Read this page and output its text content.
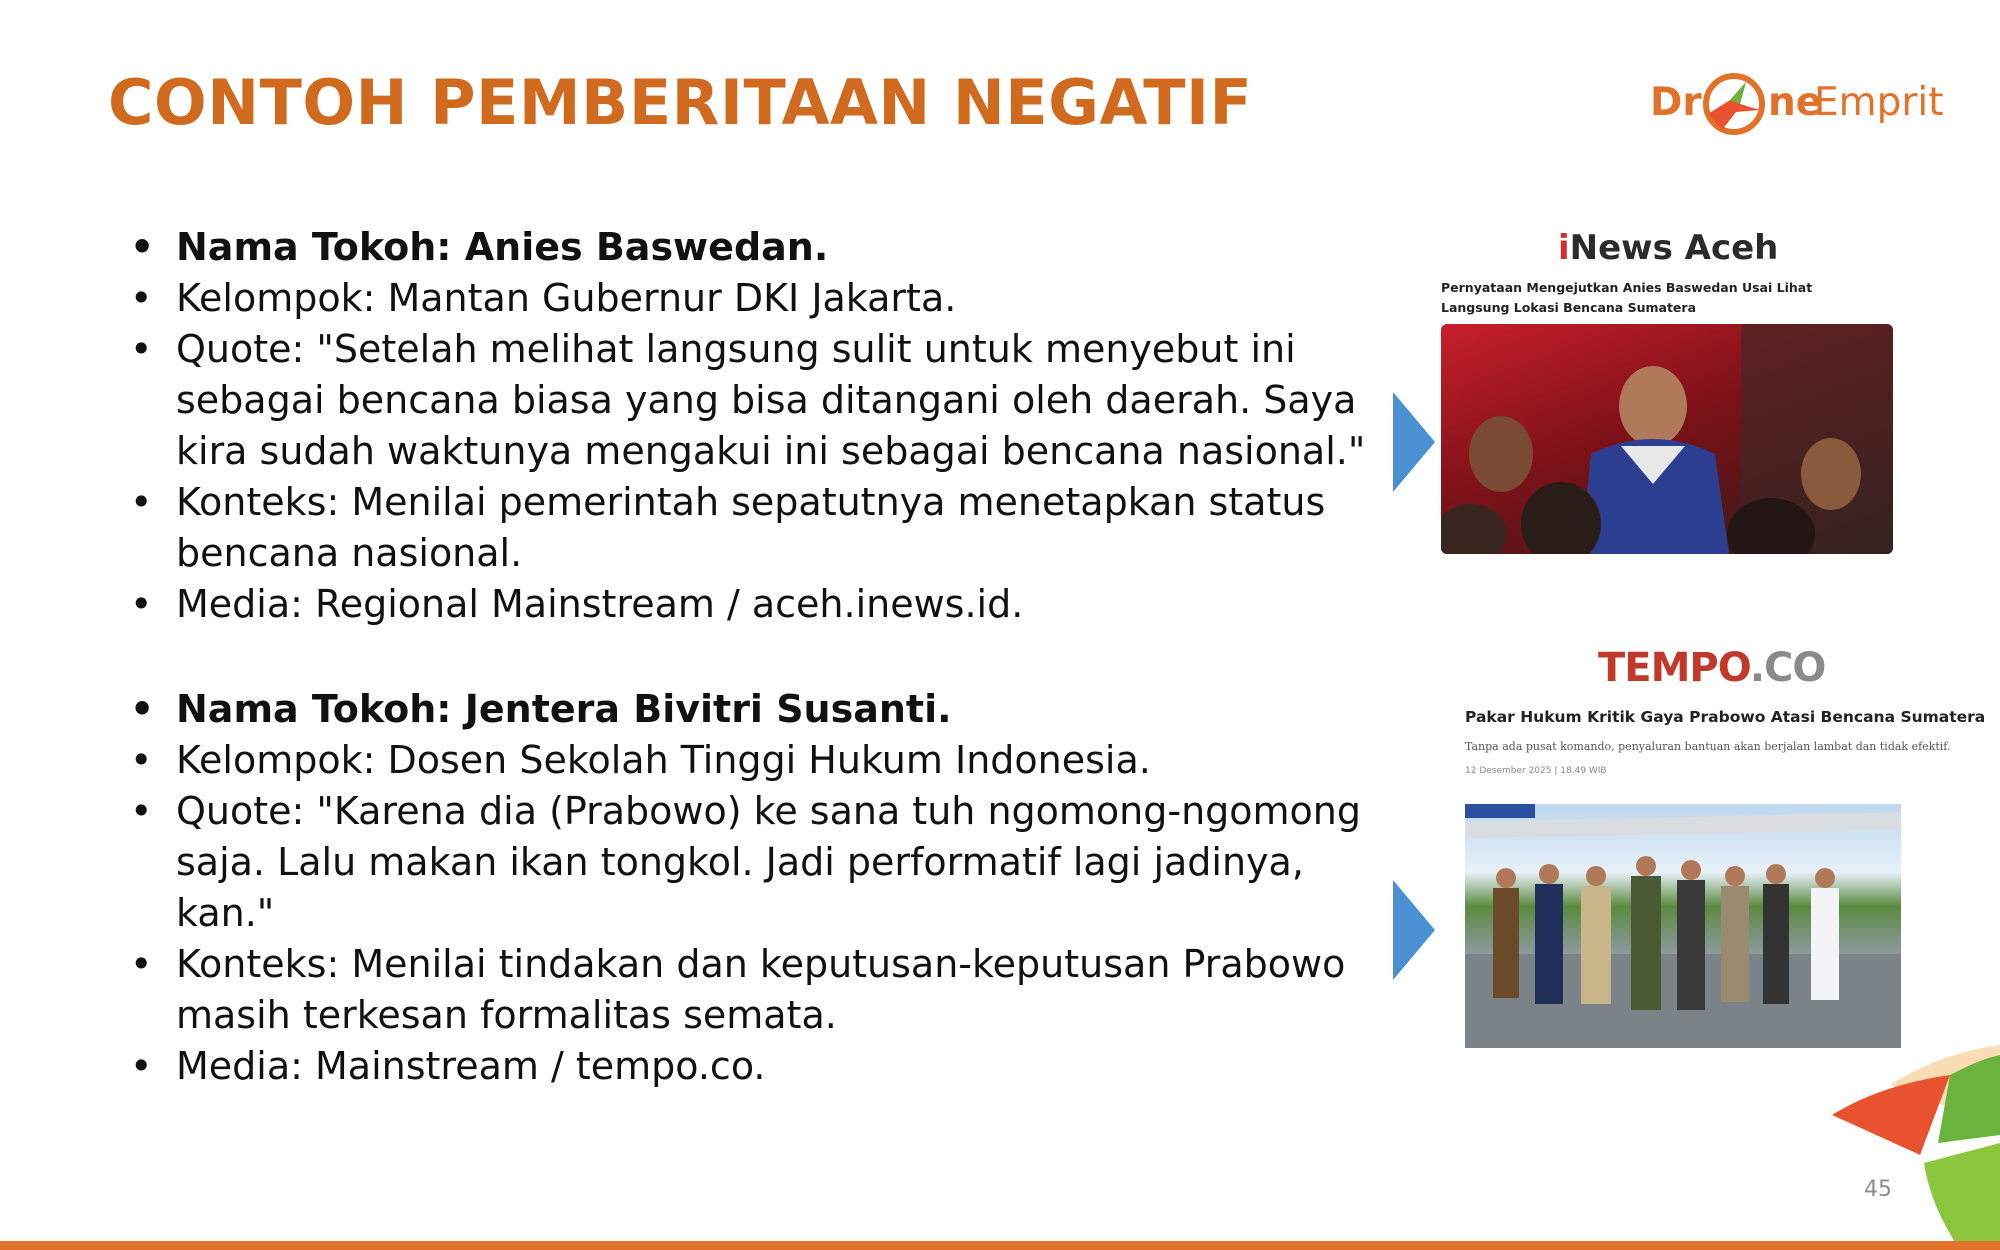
CONTOH PEMBERITAAN NEGATIF	Dr ne
Emprit
• Nama Tokoh: Anies Baswedan.
• Kelompok: Mantan Gubernur DKI Jakarta.
• Quote: "Setelah melihat langsung sulit untuk menyebut ini sebagai bencana biasa yang bisa ditangani oleh daerah. Saya kira sudah waktunya mengakui ini sebagai bencana nasional."
• Konteks: Menilai pemerintah sepatutnya menetapkan status bencana nasional.
• Media: Regional Mainstream / aceh.inews.id.
• Nama Tokoh: Jentera Bivitri Susanti.
• Kelompok: Dosen Sekolah Tinggi Hukum Indonesia.
• Quote: "Karena dia (Prabowo) ke sana tuh ngomong-ngomong saja. Lalu makan ikan tongkol. Jadi performatif lagi jadinya, kan."
• Konteks: Menilai tindakan dan keputusan-keputusan Prabowo masih terkesan formalitas semata.
• Media: Mainstream / tempo.co.
iNews Aceh
Pernyataan Mengejutkan Anies Baswedan Usai Lihat Langsung Lokasi Bencana Sumatera
TEMPO.CO
Pakar Hukum Kritik Gaya Prabowo Atasi Bencana Sumatera
Tanpa ada pusat komando, penyaluran bantuan akan berjalan lambat dan tidak efektif.
12 Desember 2025 | 18.49 WIB
45
